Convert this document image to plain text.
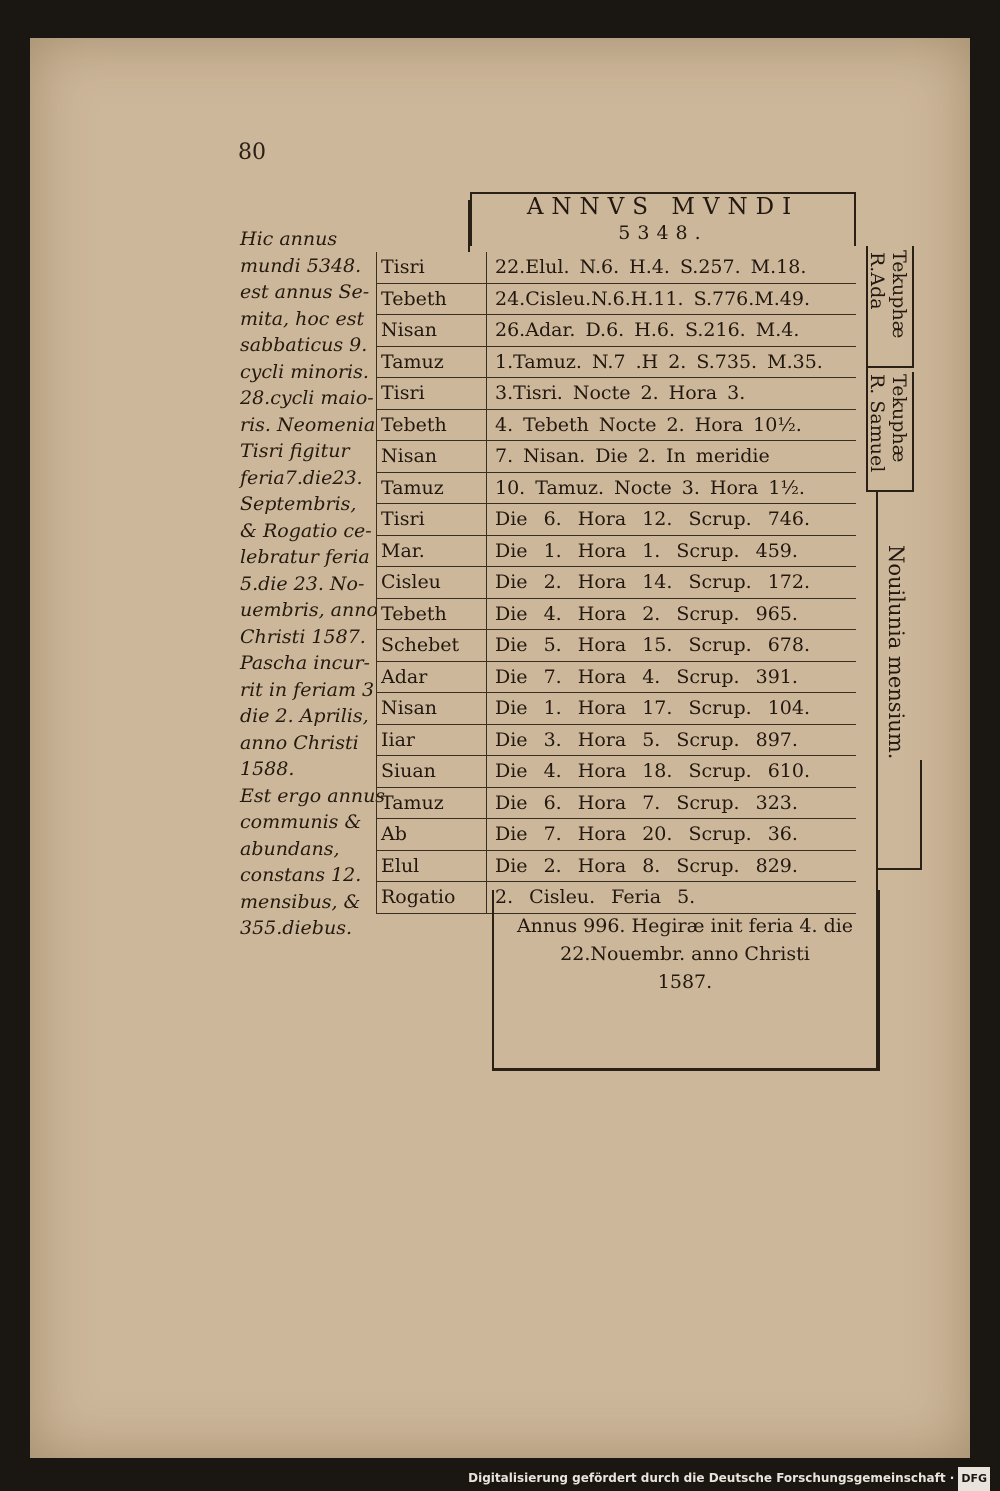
80
Hic annus
mundi 5348.
est annus Se-
mita, hoc est
sabbaticus 9.
cycli minoris.
28.cycli maio-
ris. Neomenia
Tisri figitur
feria7.die23.
Septembris,
& Rogatio ce-
lebratur feria
5.die 23. No-
uembris, anno
Christi 1587.
Pascha incur-
rit in feriam 3
die 2. Aprilis,
anno Christi
1588.
Est ergo annus
communis &
abundans,
constans 12.
mensibus, &
355.diebus.
ANNVS MVNDI
5348.
Tisri
Tebeth
Nisan
Tamuz
Tisri
Tebeth
Nisan
Tamuz
Tisri
Mar.
Cisleu
Tebeth
Schebet
Adar
Nisan
Iiar
Siuan
Tamuz
Ab
Elul
Rogatio
22.Elul. N.6. H.4. S.257. M.18.
24.Cisleu.N.6.H.11. S.776.M.49.
26.Adar. D.6. H.6. S.216. M.4.
1.Tamuz. N.7 .H 2. S.735. M.35.
3.Tisri. Nocte 2. Hora 3.
4. Tebeth Nocte 2. Hora 10½.
7. Nisan. Die 2. In meridie
10. Tamuz. Nocte 3. Hora 1½.
Die 6. Hora 12. Scrup. 746.
Die 1. Hora 1. Scrup. 459.
Die 2. Hora 14. Scrup. 172.
Die 4. Hora 2. Scrup. 965.
Die 5. Hora 15. Scrup. 678.
Die 7. Hora 4. Scrup. 391.
Die 1. Hora 17. Scrup. 104.
Die 3. Hora 5. Scrup. 897.
Die 4. Hora 18. Scrup. 610.
Die 6. Hora 7. Scrup. 323.
Die 7. Hora 20. Scrup. 36.
Die 2. Hora 8. Scrup. 829.
2. Cisleu. Feria 5.
Annus 996. Hegiræ init feria 4. die
22.Nouembr. anno Christi
1587.
Tekuphæ
R.Ada
Tekuphæ
R. Samuel
Nouilunia mensium.
Digitalisierung gefördert durch die Deutsche Forschungsgemeinschaft · DFG
